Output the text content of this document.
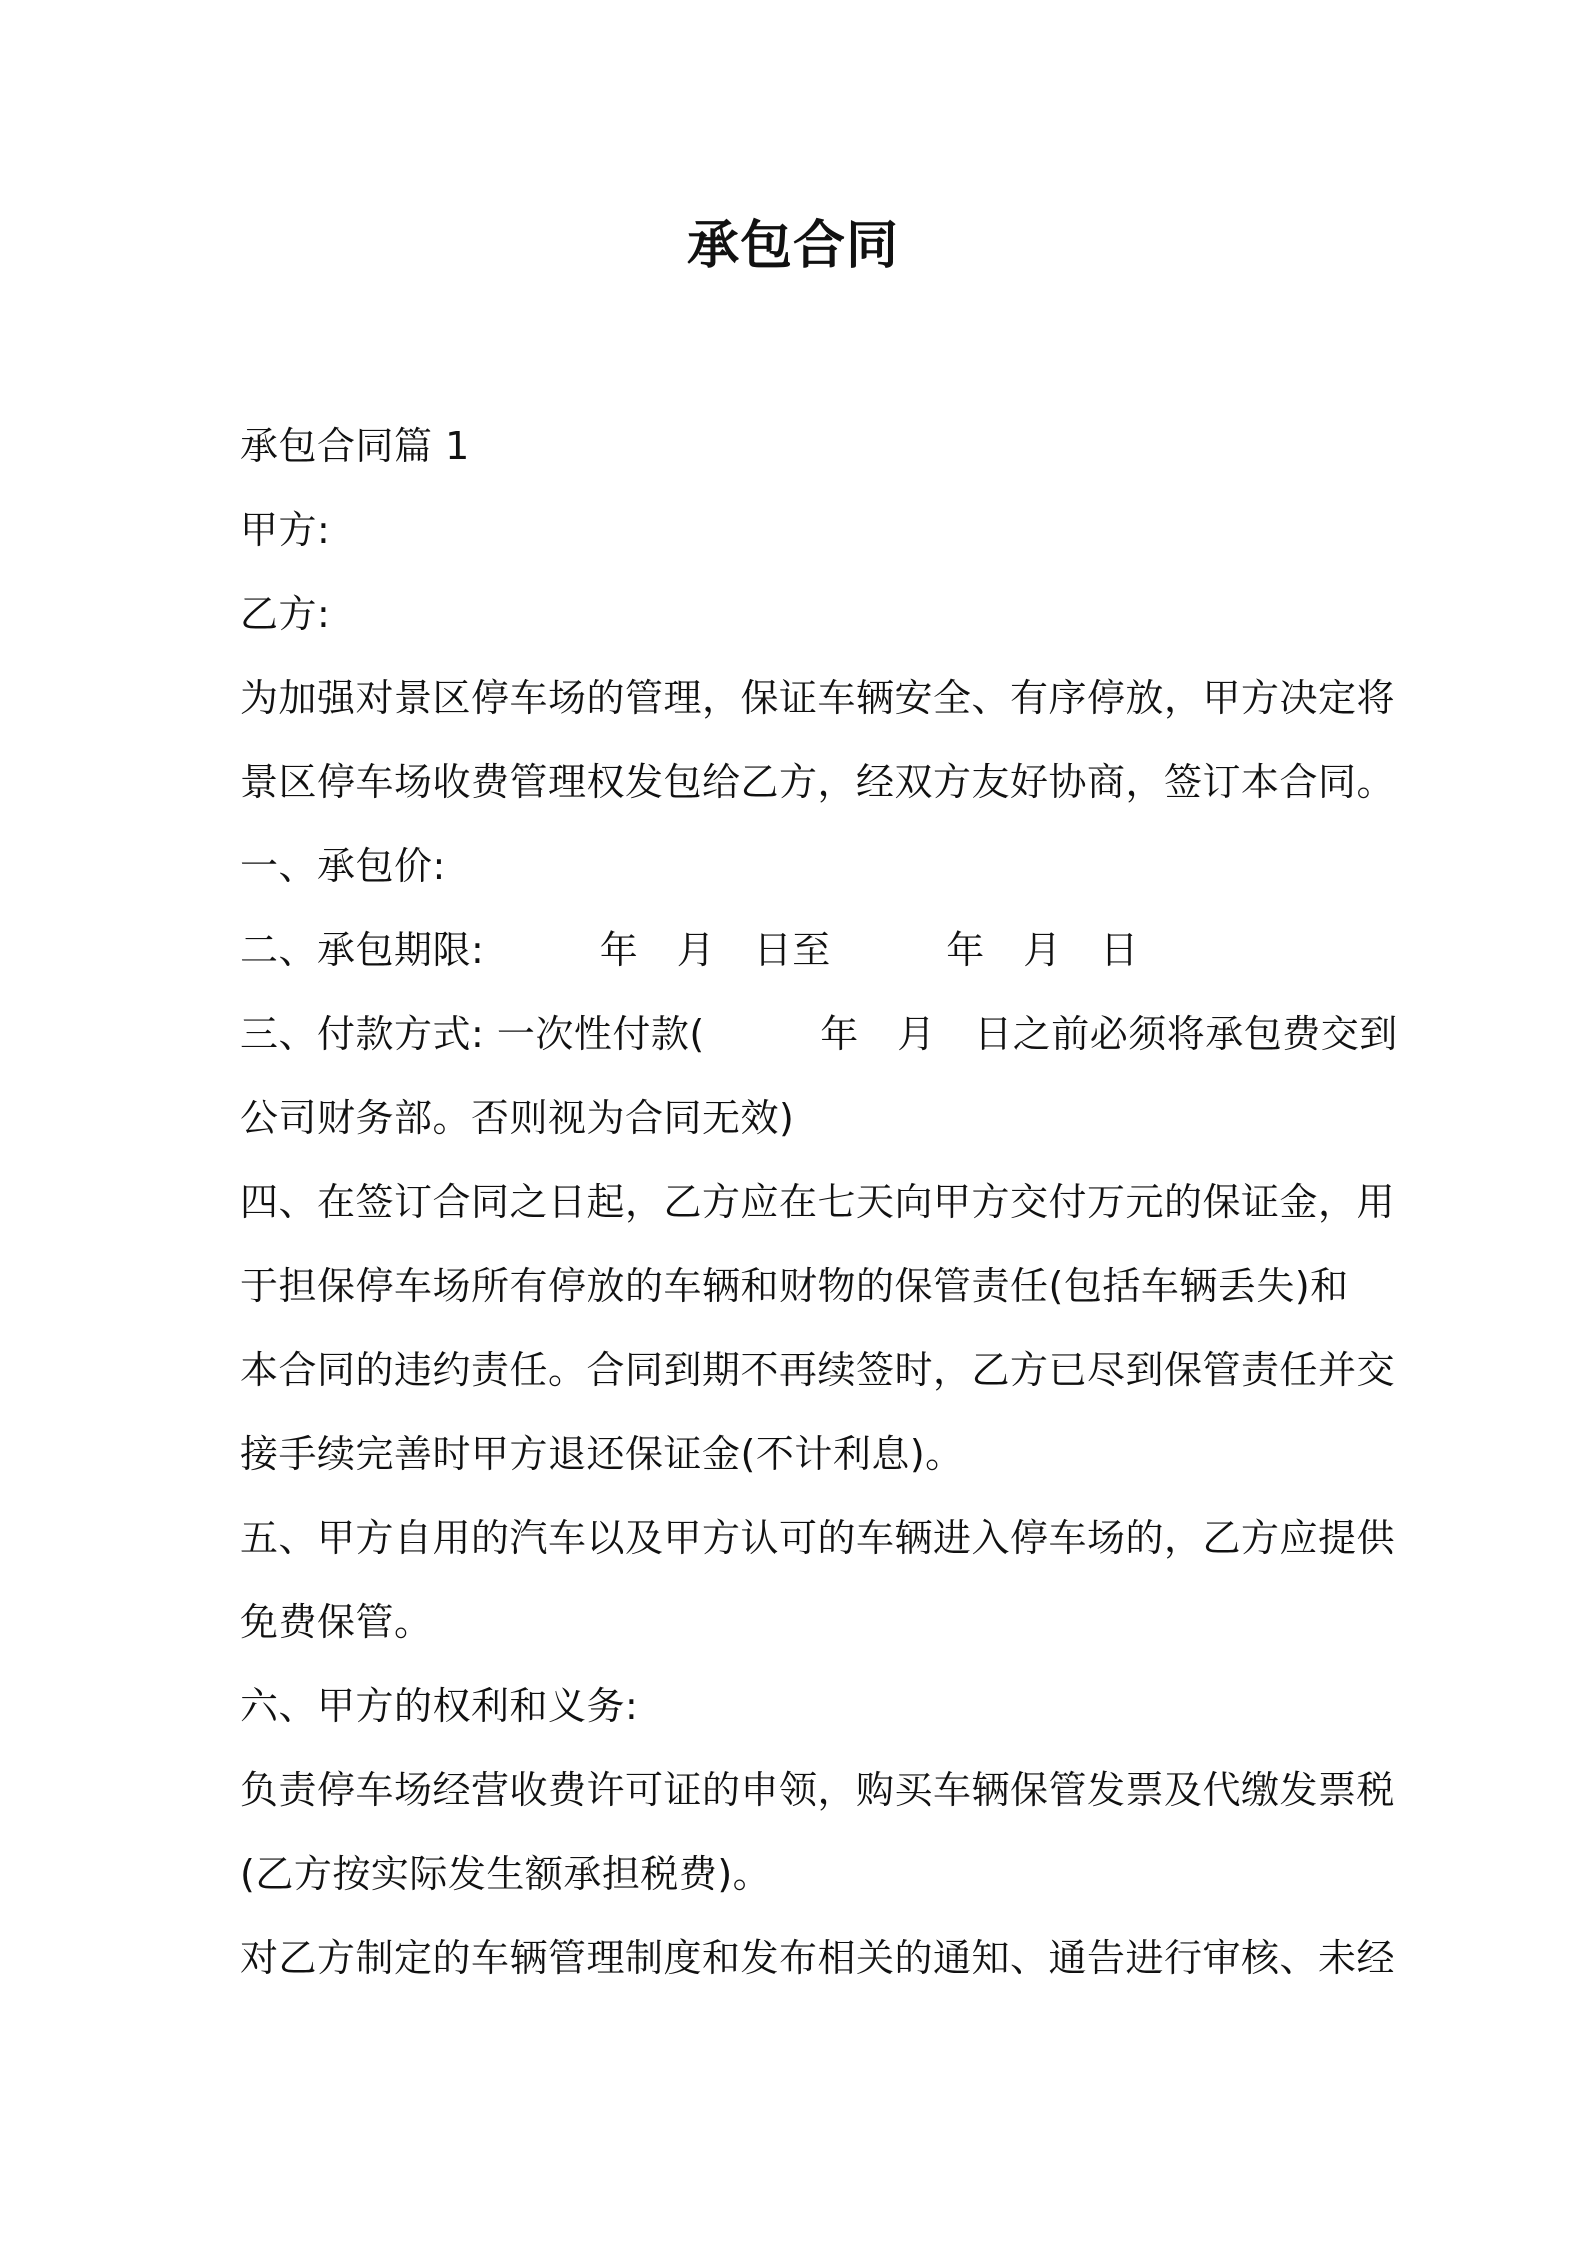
承包合同

承包合同篇 1

甲方:

乙方:

为加强对景区停车场的管理，保证车辆安全、有序停放，甲方决定将

景区停车场收费管理权发包给乙方，经双方友好协商，签订本合同。

一、承包价:

二、承包期限:　　　年　月　日至　　　年　月　日

三、付款方式: 一次性付款(　　　年　月　日之前必须将承包费交到

公司财务部。否则视为合同无效)

四、在签订合同之日起，乙方应在七天向甲方交付万元的保证金，用

于担保停车场所有停放的车辆和财物的保管责任(包括车辆丢失)和

本合同的违约责任。合同到期不再续签时，乙方已尽到保管责任并交

接手续完善时甲方退还保证金(不计利息)。

五、甲方自用的汽车以及甲方认可的车辆进入停车场的，乙方应提供

免费保管。

六、甲方的权利和义务:

负责停车场经营收费许可证的申领，购买车辆保管发票及代缴发票税

(乙方按实际发生额承担税费)。

对乙方制定的车辆管理制度和发布相关的通知、通告进行审核、未经
